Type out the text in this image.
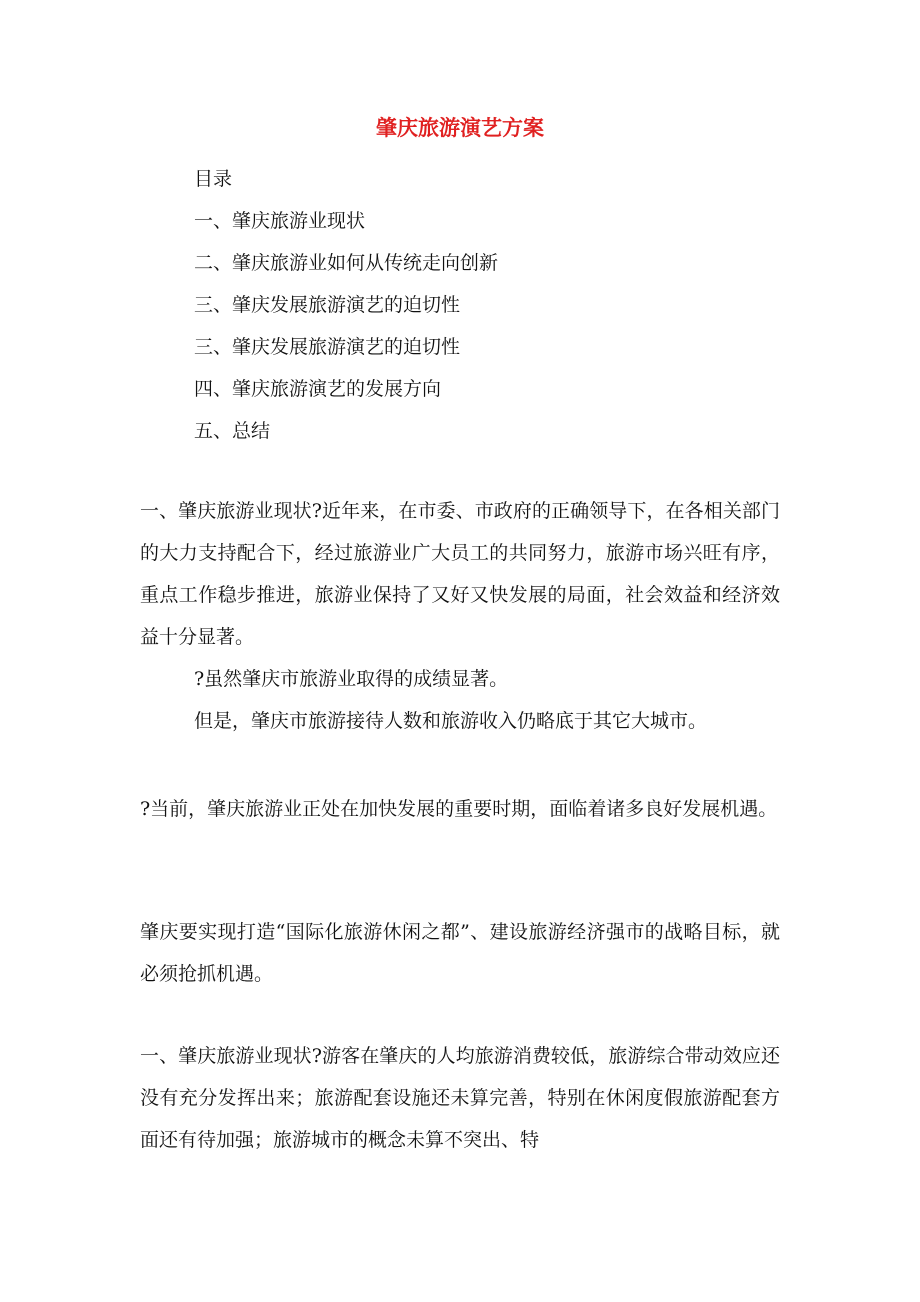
肇庆旅游演艺方案
目录
一、肇庆旅游业现状
二、肇庆旅游业如何从传统走向创新
三、肇庆发展旅游演艺的迫切性
三、肇庆发展旅游演艺的迫切性
四、肇庆旅游演艺的发展方向
五、总结

一、肇庆旅游业现状?近年来，在市委、市政府的正确领导下，在各相关部门的大力支持配合下，经过旅游业广大员工的共同努力，旅游市场兴旺有序，重点工作稳步推进，旅游业保持了又好又快发展的局面，社会效益和经济效益十分显著。

?虽然肇庆市旅游业取得的成绩显著。

但是，肇庆市旅游接待人数和旅游收入仍略底于其它大城市。

?当前，肇庆旅游业正处在加快发展的重要时期，面临着诸多良好发展机遇。

肇庆要实现打造“国际化旅游休闲之都”、建设旅游经济强市的战略目标，就必须抢抓机遇。

一、肇庆旅游业现状?游客在肇庆的人均旅游消费较低，旅游综合带动效应还没有充分发挥出来；旅游配套设施还未算完善，特别在休闲度假旅游配套方面还有待加强；旅游城市的概念未算不突出、特
